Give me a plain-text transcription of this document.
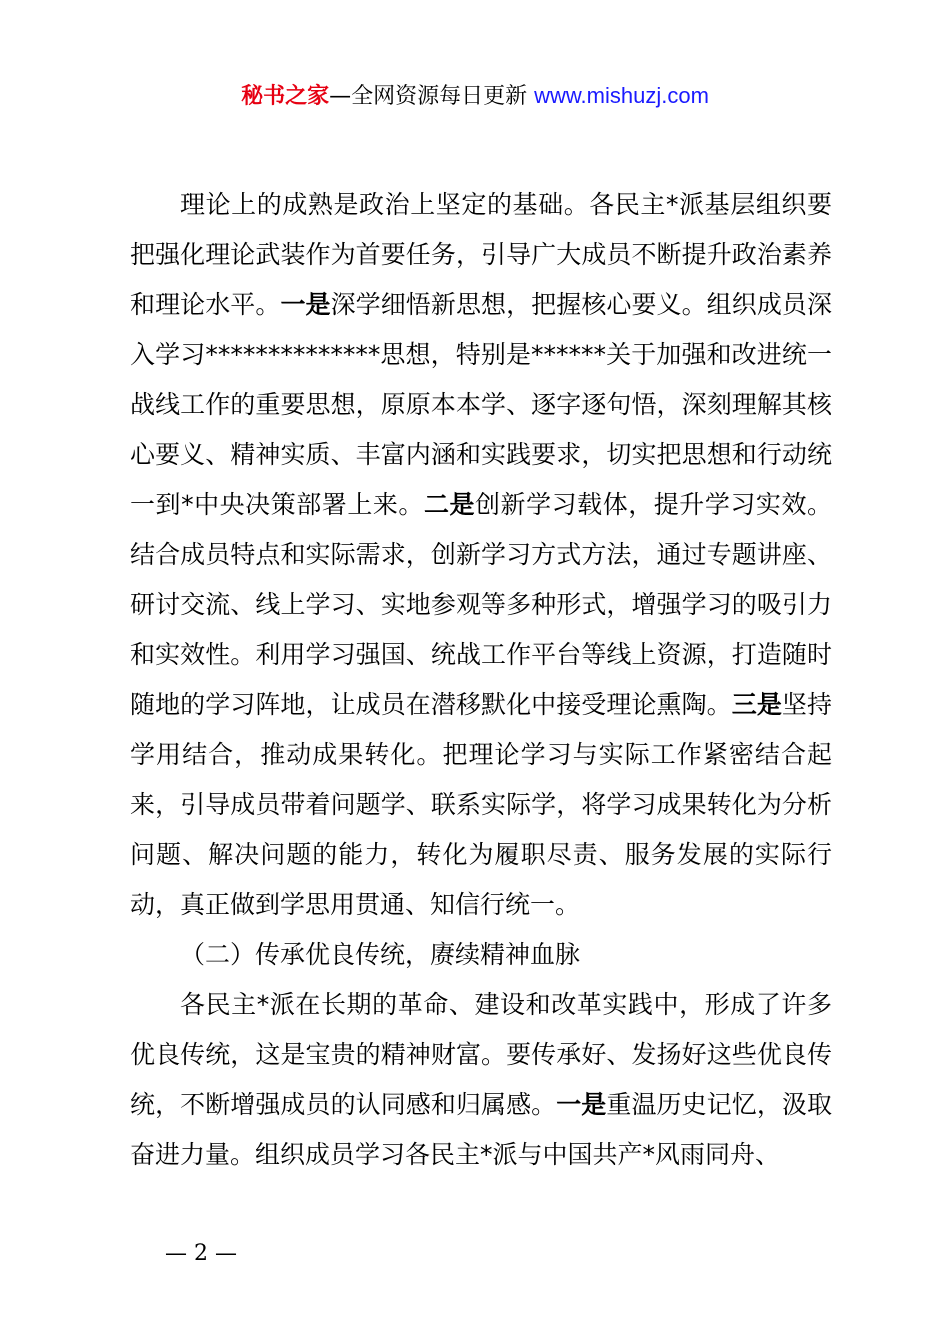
秘书之家—全网资源每日更新 www.mishuzj.com

理论上的成熟是政治上坚定的基础。各民主*派基层组织要把强化理论武装作为首要任务，引导广大成员不断提升政治素养和理论水平。一是深学细悟新思想，把握核心要义。组织成员深入学习**************思想，特别是******关于加强和改进统一战线工作的重要思想，原原本本学、逐字逐句悟，深刻理解其核心要义、精神实质、丰富内涵和实践要求，切实把思想和行动统一到*中央决策部署上来。二是创新学习载体，提升学习实效。结合成员特点和实际需求，创新学习方式方法，通过专题讲座、研讨交流、线上学习、实地参观等多种形式，增强学习的吸引力和实效性。利用学习强国、统战工作平台等线上资源，打造随时随地的学习阵地，让成员在潜移默化中接受理论熏陶。三是坚持学用结合，推动成果转化。把理论学习与实际工作紧密结合起来，引导成员带着问题学、联系实际学，将学习成果转化为分析问题、解决问题的能力，转化为履职尽责、服务发展的实际行动，真正做到学思用贯通、知信行统一。

（二）传承优良传统，赓续精神血脉

各民主*派在长期的革命、建设和改革实践中，形成了许多优良传统，这是宝贵的精神财富。要传承好、发扬好这些优良传统，不断增强成员的认同感和归属感。一是重温历史记忆，汲取奋进力量。组织成员学习各民主*派与中国共产*风雨同舟、

— 2 —
